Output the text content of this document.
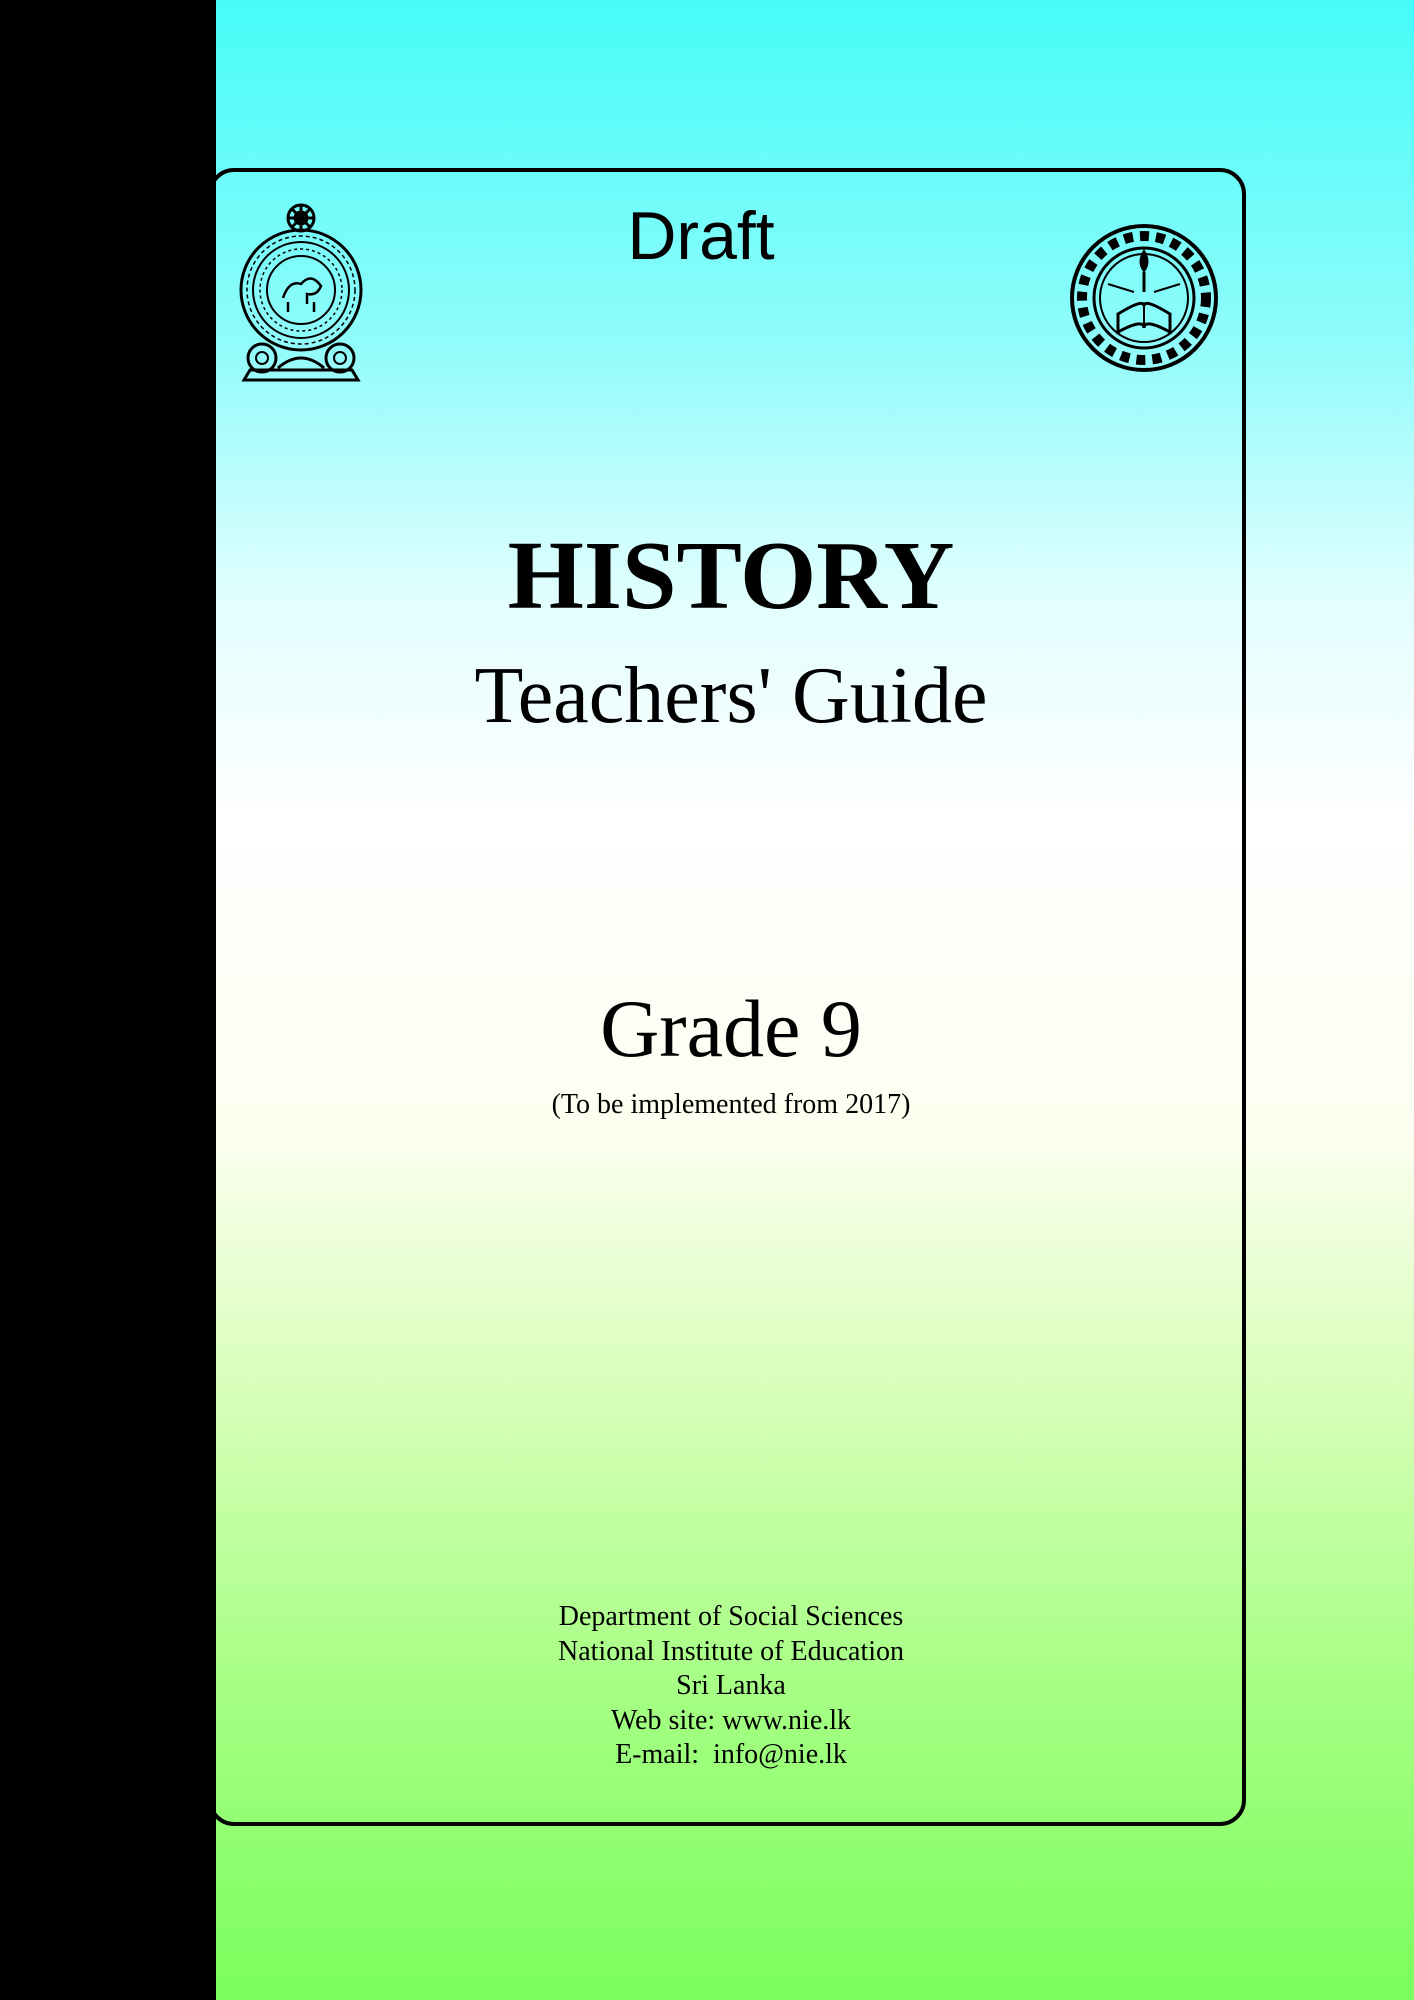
Draft
HISTORY
Teachers' Guide
Grade 9
(To be implemented from 2017)
Department of Social Sciences
National Institute of Education
Sri Lanka
Web site: www.nie.lk
E-mail:  info@nie.lk
